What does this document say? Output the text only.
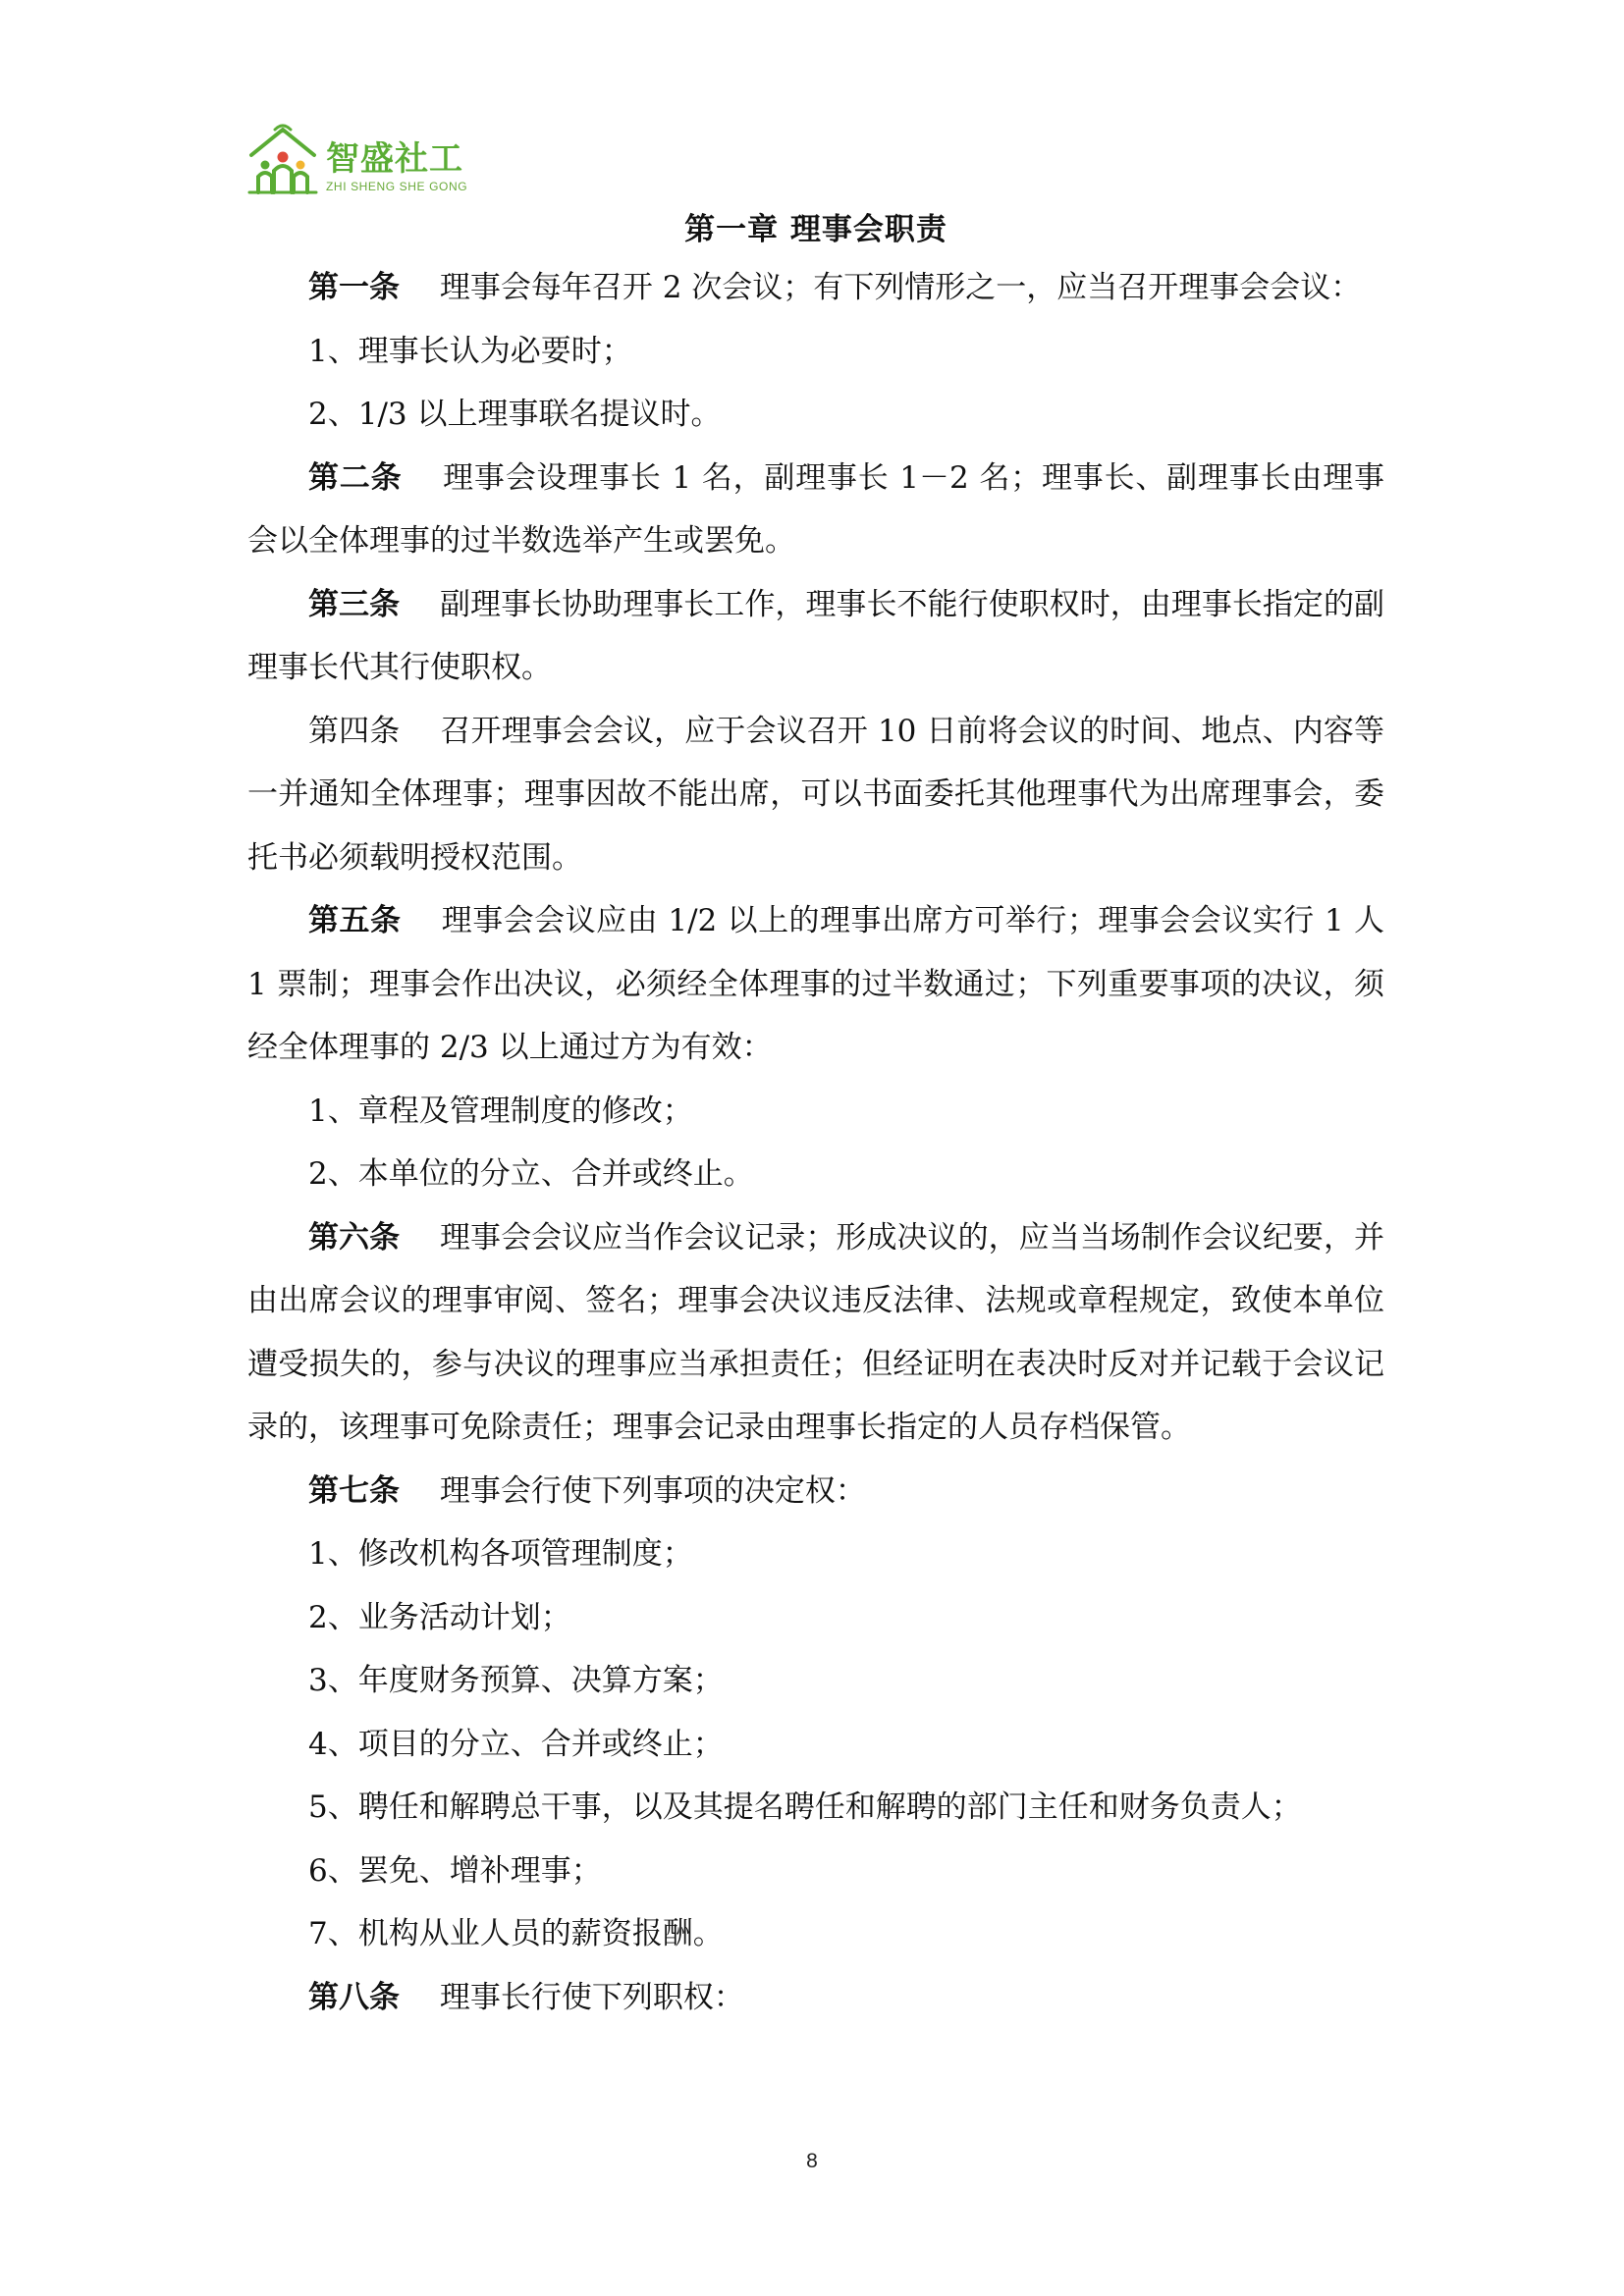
智盛社工
ZHI SHENG SHE GONG
第一章 理事会职责

第一条  理事会每年召开 2 次会议；有下列情形之一，应当召开理事会会议：

1、理事长认为必要时；

2、1/3 以上理事联名提议时。

第二条  理事会设理事长 1 名，副理事长 1－2 名；理事长、副理事长由理事会以全体理事的过半数选举产生或罢免。

第三条  副理事长协助理事长工作，理事长不能行使职权时，由理事长指定的副理事长代其行使职权。

第四条  召开理事会会议，应于会议召开 10 日前将会议的时间、地点、内容等一并通知全体理事；理事因故不能出席，可以书面委托其他理事代为出席理事会，委托书必须载明授权范围。

第五条  理事会会议应由 1/2 以上的理事出席方可举行；理事会会议实行 1 人 1 票制；理事会作出决议，必须经全体理事的过半数通过；下列重要事项的决议，须经全体理事的 2/3 以上通过方为有效：

1、章程及管理制度的修改；

2、本单位的分立、合并或终止。

第六条  理事会会议应当作会议记录；形成决议的，应当当场制作会议纪要，并由出席会议的理事审阅、签名；理事会决议违反法律、法规或章程规定，致使本单位遭受损失的，参与决议的理事应当承担责任；但经证明在表决时反对并记载于会议记录的，该理事可免除责任；理事会记录由理事长指定的人员存档保管。

第七条  理事会行使下列事项的决定权：

1、修改机构各项管理制度；

2、业务活动计划；

3、年度财务预算、决算方案；

4、项目的分立、合并或终止；

5、聘任和解聘总干事，以及其提名聘任和解聘的部门主任和财务负责人；

6、罢免、增补理事；

7、机构从业人员的薪资报酬。

第八条  理事长行使下列职权：

8
